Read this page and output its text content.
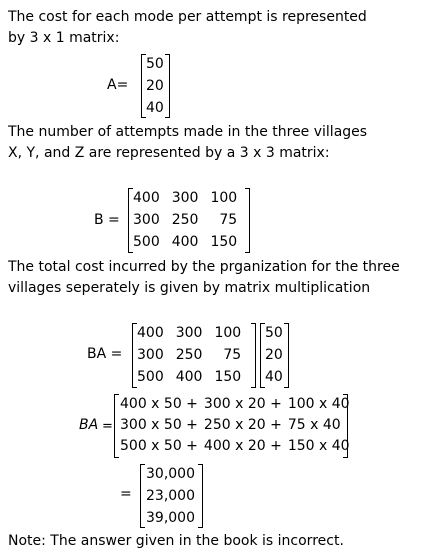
The cost for each mode per attempt is represented
by 3 x 1 matrix:
A=
50
20
40
The number of attempts made in the three villages
X, Y, and Z are represented by a 3 x 3 matrix:
B =
400 300 100
300 250	75
500 400 150
The total cost incurred by the prganization for the three
villages seperately is given by matrix multiplication
BA =
400 300 100
300 250	75
500 400 150
50
20
40
BA =
400 x 50 + 300 x 20 + 100 x 40
300 x 50 + 250 x 20 + 75 x 40
500 x 50 + 400 x 20 + 150 x 40
=
30,000
23,000
39,000
Note: The answer given in the book is incorrect.
